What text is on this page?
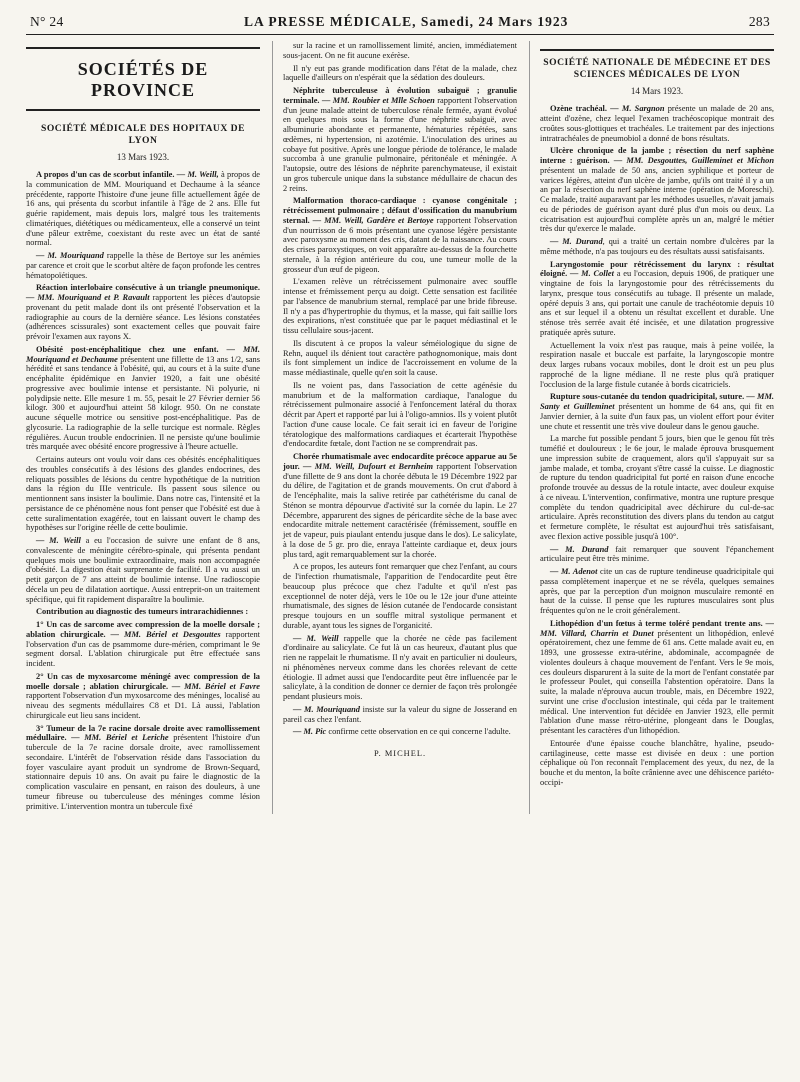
N° 24	LA PRESSE MÉDICALE, Samedi, 24 Mars 1923	283
SOCIÉTÉS DE PROVINCE
SOCIÉTÉ MÉDICALE DES HOPITAUX DE LYON
13 Mars 1923.

A propos d'un cas de scorbut infantile. — M. Weill, à propos de la communication de MM. Mouriquand et Dechaume à la séance précédente, rapporte l'histoire d'une jeune fille actuellement âgée de 16 ans, qui présenta du scorbut infantile à l'âge de 2 ans. Elle fut guérie rapidement, mais depuis lors, malgré tous les traitements climatériques, diététiques ou médicamenteux, elle a conservé un teint d'une pâleur extrême, coexistant du reste avec un état de santé normal.

— M. Mouriquand rappelle la thèse de Bertoye sur les anémies par carence et croit que le scorbut altère de façon profonde les centres hématopoïétiques.

Réaction interlobaire consécutive à un triangle pneumonique. — MM. Mouriquand et P. Ravault rapportent les pièces d'autopsie provenant du petit malade dont ils ont présenté l'observation et la radiographie au cours de la dernière séance. Les lésions constatées (adhérences scissurales) sont exactement celles que pouvait faire prévoir l'examen aux rayons X.

Obésité post-encéphalitique chez une enfant. — MM. Mouriquand et Dechaume présentent une fillette de 13 ans 1/2, sans hérédité et sans tendance à l'obésité, qui, au cours et à la suite d'une encéphalite épidémique en Janvier 1920, a fait une obésité progressive avec boulimie intense et persistante. Ni polyurie, ni polydipsie nette. Elle mesure 1 m. 55, pesait le 27 Février dernier 56 kilogr. 300 et aujourd'hui atteint 58 kilogr. 950. On ne constate aucune séquelle motrice ou sensitive post-encéphalitique. Pas de glycosurie. La radiographie de la selle turcique est normale. Règles régulières. Aucun trouble endocrinien. Il ne persiste qu'une boulimie très marquée avec obésité encore progressive à l'heure actuelle.

Certains auteurs ont voulu voir dans ces obésités encéphalitiques des troubles consécutifs à des lésions des glandes endocrines, des reliquats possibles de lésions du centre hypothétique de la nutrition dans la région du IIIe ventricule. Ils passent sous silence ou mentionnent sans insister la boulimie. Dans notre cas, l'intensité et la persistance de ce phénomène nous font penser que l'obésité est due à cette suralimentation exagérée, tout en laissant ouvert le champ des hypothèses sur l'origine réelle de cette boulimie.

— M. Weill a eu l'occasion de suivre une enfant de 8 ans, convalescente de méningite cérébro-spinale, qui présenta pendant quelques mois une boulimie extraordinaire, mais non accompagnée d'obésité. La digestion était surprenante de facilité. Il a vu aussi un petit garçon de 7 ans atteint de boulimie intense. Une radioscopie décela un peu de dilatation aortique. Aussi entreprit-on un traitement spécifique, qui fit rapidement disparaître la boulimie.

Contribution au diagnostic des tumeurs intrarachidiennes :

1° Un cas de sarcome avec compression de la moelle dorsale ; ablation chirurgicale. — MM. Bériel et Desgouttes rapportent l'observation d'un cas de psammome dure-mérien, comprimant le 9e segment dorsal. L'ablation chirurgicale put être effectuée sans incident.

2° Un cas de myxosarcome méningé avec compression de la moelle dorsale ; ablation chirurgicale. — MM. Bériel et Favre rapportent l'observation d'un myxosarcome des méninges, localisé au niveau des segments médullaires C8 et D1. Là aussi, l'ablation chirurgicale eut lieu sans incident.

3° Tumeur de la 7e racine dorsale droite avec ramollissement médullaire. — MM. Bériel et Leriche présentent l'histoire d'un tubercule de la 7e racine dorsale droite, avec ramollissement secondaire. L'intérêt de l'observation réside dans l'association du foyer vasculaire ayant produit un syndrome de Brown-Sequard, stationnaire depuis 10 ans. On avait pu faire le diagnostic de la complication vasculaire en pensant, en raison des douleurs, à une tumeur fibreuse ou tuberculeuse des méninges comme lésion primitive. L'intervention montra un tubercule fixé

sur la racine et un ramollissement limité, ancien, immédiatement sous-jacent. On ne fit aucune exérèse.

Il n'y eut pas grande modification dans l'état de la malade, chez laquelle d'ailleurs on n'espérait que la sédation des douleurs.

Néphrite tuberculeuse à évolution subaiguë ; granulie terminale. — MM. Roubier et Mlle Schoen rapportent l'observation d'un jeune malade atteint de tuberculose rénale fermée, ayant évolué en quelques mois sous la forme d'une néphrite subaiguë, avec albuminurie abondante et permanente, hématuries répétées, sans œdèmes, ni hypertension, ni azotémie. L'inoculation des urines au cobaye fut positive. Après une longue période de tolérance, le malade succomba à une granulie pulmonaire, péritonéale et méningée. A l'autopsie, outre des lésions de néphrite parenchymateuse, il existait un gros tubercule unique dans la substance médullaire de chacun des 2 reins.

Malformation thoraco-cardiaque : cyanose congénitale ; rétrécissement pulmonaire ; défaut d'ossification du manubrium sternal. — MM. Weill, Gardère et Bertoye rapportent l'observation d'un nourrisson de 6 mois présentant une cyanose légère persistante avec paroxysme au moment des cris, datant de la naissance. Au cours des crises paroxystiques, on voit apparaître au-dessus de la fourchette sternale, à la région antérieure du cou, une tumeur molle de la grosseur d'un œuf de pigeon.

L'examen relève un rétrécissement pulmonaire avec souffle intense et frémissement perçu au doigt. Cette sensation est facilitée par l'absence de manubrium sternal, remplacé par une bride fibreuse. Il n'y a pas d'hypertrophie du thymus, et la masse, qui fait saillie lors des expirations, n'est constituée que par le paquet médiastinal et le tissu cellulaire sous-jacent.

Ils discutent à ce propos la valeur séméiologique du signe de Rehn, auquel ils dénient tout caractère pathognomonique, mais dont ils font simplement un indice de l'accroissement en volume de la masse médiastinale, quelle qu'en soit la cause.

Ils ne voient pas, dans l'association de cette agénésie du manubrium et de la malformation cardiaque, l'analogue du rétrécissement pulmonaire associé à l'enfoncement latéral du thorax décrit par Apert et rapporté par lui à l'oligo-amnios. Ils y voient plutôt l'action d'une cause locale. Ce fait serait ici en faveur de l'origine tératologique des malformations cardiaques et écarterait l'hypothèse d'endocardite fœtale, dont l'action ne se comprendrait pas.

Chorée rhumatismale avec endocardite précoce apparue au 5e jour. — MM. Weill, Dufourt et Bernheim rapportent l'observation d'une fillette de 9 ans dont la chorée débuta le 19 Décembre 1922 par du délire, de l'agitation et de grands mouvements. On crut d'abord à de l'encéphalite, mais la salive retirée par cathétérisme du canal de Sténon se montra dépourvue d'activité sur la cornée du lapin. Le 27 Décembre, apparurent des signes de péricardite sèche de la base avec endocardite mitrale nettement caractérisée (frémissement, souffle en jet de vapeur, puis piaulant entendu jusque dans le dos). Le salicylate, à la dose de 5 gr. pro die, enraya l'atteinte cardiaque et, deux jours plus tard, agit remarquablement sur la chorée.

A ce propos, les auteurs font remarquer que chez l'enfant, au cours de l'infection rhumatismale, l'apparition de l'endocardite peut être beaucoup plus précoce que chez l'adulte et qu'il n'est pas exceptionnel de noter déjà, vers le 10e ou le 12e jour d'une atteinte rhumatismale, des signes de lésion cutanée de l'endocarde consistant presque toujours en un souffle mitral systolique permanent et durable, ayant tous les signes de l'organicité.

— M. Weill rappelle que la chorée ne cède pas facilement d'ordinaire au salicylate. Ce fut là un cas heureux, d'autant plus que rien ne rappelait le rhumatisme. Il n'y avait en particulier ni douleurs, ni phénomènes nerveux comme dans les chorées relevant de cette étiologie. Il admet aussi que l'endocardite peut être influencée par le salicylate, à la condition de donner ce dernier de façon très prolongée pendant plusieurs mois.

— M. Mouriquand insiste sur la valeur du signe de Josserand en pareil cas chez l'enfant.

— M. Pic confirme cette observation en ce qui concerne l'adulte.

P. MICHEL.
SOCIÉTÉ NATIONALE DE MÉDECINE ET DES SCIENCES MÉDICALES DE LYON
14 Mars 1923.

Ozène trachéal. — M. Sargnon présente un malade de 20 ans, atteint d'ozène, chez lequel l'examen trachéoscopique montrait des croûtes sous-glottiques et trachéales. Le traitement par des injections intratrachéales de pneumobiol a donné de bons résultats.

Ulcère chronique de la jambe ; résection du nerf saphène interne : guérison. — MM. Desgouttes, Guilleminet et Michon présentent un malade de 50 ans, ancien syphilique et porteur de varices légères, atteint d'un ulcère de jambe, qu'ils ont traité il y a un an par la résection du nerf saphène interne (opération de Moreschi). Ce malade, traité auparavant par les méthodes usuelles, n'avait jamais eu de périodes de guérison ayant duré plus d'un mois ou deux. La cicatrisation est aujourd'hui complète après un an, malgré le métier très dur qu'exerce le malade.

— M. Durand, qui a traité un certain nombre d'ulcères par la même méthode, n'a pas toujours eu des résultats aussi satisfaisants.

Laryngostomie pour rétrécissement du larynx : résultat éloigné. — M. Collet a eu l'occasion, depuis 1906, de pratiquer une vingtaine de fois la laryngostomie pour des rétrécissements du larynx, presque tous consécutifs au tubage. Il présente un malade, opéré depuis 3 ans, qui portait une canule de trachéotomie depuis 10 ans et sur lequel il a obtenu un résultat excellent et durable. Une sténose très serrée avait été incisée, et une dilatation progressive pratiquée après suture.

Actuellement la voix n'est pas rauque, mais à peine voilée, la respiration nasale et buccale est parfaite, la laryngoscopie montre deux larges rubans vocaux mobiles, dont le droit est un peu plus rapproché de la ligne médiane. Il ne reste plus qu'à pratiquer l'occlusion de la large fistule cutanée à bords cicatriciels.

Rupture sous-cutanée du tendon quadricipital, suture. — MM. Santy et Guilleminet présentent un homme de 64 ans, qui fit en Janvier dernier, à la suite d'un faux pas, un violent effort pour éviter une chute et ressentit une très vive douleur dans le genou gauche.

La marche fut possible pendant 5 jours, bien que le genou fût très tuméfié et douloureux ; le 6e jour, le malade éprouva brusquement une impression subite de craquement, alors qu'il s'appuyait sur sa jambe malade, et tomba, croyant s'être cassé la cuisse. Le diagnostic de rupture du tendon quadricipital fut porté en raison d'une encoche profonde trouvée au dessus de la rotule intacte, avec douleur exquise à ce niveau. L'intervention, confirmative, montra une rupture presque complète du tendon quadricipital avec déchirure du cul-de-sac articulaire. Après reconstitution des divers plans du tendon au catgut et fermeture complète, le résultat est aujourd'hui très satisfaisant, avec flexion active possible jusqu'à 100°.

— M. Durand fait remarquer que souvent l'épanchement articulaire peut être très minime.

— M. Adenot cite un cas de rupture tendineuse quadricipitale qui passa complètement inaperçue et ne se révéla, quelques semaines après, que par la perception d'un moignon musculaire remonté en haut de la cuisse. Il pense que les ruptures musculaires sont plus fréquentes qu'on ne le croit généralement.

Lithopédion d'un fœtus à terme toléré pendant trente ans. — MM. Villard, Charrin et Dunet présentent un lithopédion, enlevé opératoirement, chez une femme de 61 ans. Cette malade avait eu, en 1893, une grossesse extra-utérine, abdominale, accompagnée de violentes douleurs à chaque mouvement de l'enfant. Vers le 9e mois, ces douleurs disparurent à la suite de la mort de l'enfant constatée par le professeur Poulet, qui conseilla l'abstention opératoire. Dans la suite, la malade n'éprouva aucun trouble, mais, en Décembre 1922, survint une crise d'occlusion intestinale, qui céda par le traitement médical. Une intervention fut décidée en Janvier 1923, elle permit l'ablation d'une masse rétro-utérine, plongeant dans le Douglas, présentant les caractères d'un lithopédion.

Entourée d'une épaisse couche blanchâtre, hyaline, pseudo-cartilagineuse, cette masse est divisée en deux : une portion céphalique où l'on reconnaît l'emplacement des yeux, du nez, de la bouche et du menton, la boîte crânienne avec une déhiscence pariéto-occipi-
